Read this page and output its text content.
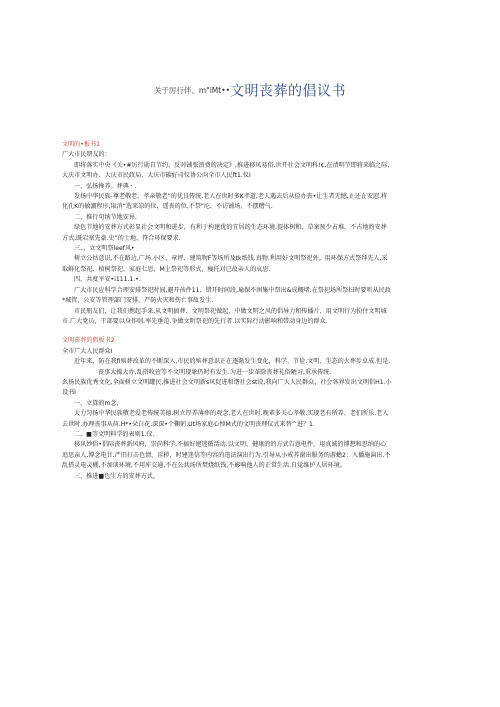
关于厉行伴、m"iMt••文明丧葬的倡议书
文明的•板书1
广大市民朋友的：
即将落实中央《关•#厉行勋自节约、反对铺张浪费的决定》,推进移风易俗,世开社会文明科!¢,在清明节即将来临之际，
大庆市文明办、大庆市民政局、大庆市碳好司仪协公向全市人民ft1.仪I
一、弘扬搀养。葬典 · .
发扬中华民族-尊老敬老、孝亲敬老”的优良传统,老人在世时多K孝道,老人遇去后从俭办丧•让生者无憾,止还在安慰.将
化孔K的敏潮程序,取消“选来凉的位，遥丧的位,不祭"坨、不访铺场、不摆糟气.
二、推行句纳节地安异.
绿色节地的安葬方式彰显社会文明和进步，有利于构建优的宜居的生态环境,提体树和、草案预少占堆、不占地的安葬
方式,既宕塞先豪.史”的士地、符合环保要求.
三、，立文明祭leef风•
树立公怙意识,不在路边,广场.小区、章坪、建筑物F等场所及tk纸钱.真物.利用好文明祭祀外。用环保方式祭拜先人,采
取鲜化祭祀、植树祭祀、家庭七思、M上祭祀等形式，瘦托对已故亲人的哀思.
四、共度平安•i111.1.•.
广大市民应科学合理安排祭祀时间,避开孩件11、错开时间段,瑜保不困集中祭出&成概堵.在祭祀场所祭扫时要听从民政
*城管、公安等管理部门安排，严防火灾和伤亡事故发生.
市民朋友们，让我们携起手来,从文明搞葬、文明祭祀做起，中做文明之风的倡导力和传播片，用文明行为扮住文明城
市.广大党员、干部要以身作则.率先垂范.争做文明祭祀的先行者.以实际行动影响和带动身边的群众.
文明丧葬的假板书2
全市广大人民群众I
近年来，防在我fi殡葬改革的不断深入,市民的殡葬意识正在逐渐发生变化，科学、节俭.文明、生态的火葬步卓成.但是.
丧事大操大办,乱搭收萱等不文明现象仍时有发生.为进一步革除丧葬礼俗陋习,重承传统.
幺扬民族优秀文化,全面树立文明罐民,推进社会文明新s风促进和谐社会st设,我向广大人民群众、社会各界发出文明倡H1.小
设书I
一、立算的m念，
大力匀扬中华民族敬老爱老传统美德.树立厚养薄葬的观念,老人在世时.晚辈多关心孝敬.实现老有所养、老们所乐.老人
去世时.办理丧事从荷.H*•朵白花.深深•个鞠躬.Ut场家庭心悼M式的文明丧理仪式来替^进？1.
二、■等文明料学的表则1.仪.
移风妙俗•倡际丧葬新风府，崇尚科学,不搞好建迷循活动.以文明、健康的的方式告恩电件，用真诚的博想和思纳的心
追思亲人,博念电甘.严旧打击色情、淫秽，时建迷信等内容的违法演出行为.引导从小戒养谢出服务的游蟾2：入播施演出.不
乱搭灵电灵棚,不加谈环境,不用库交通,不在公共场所焚烧纸钱,不影响他人的正常生活.自觉维护人居环境。
三、推进■色生方的安葬方式，
